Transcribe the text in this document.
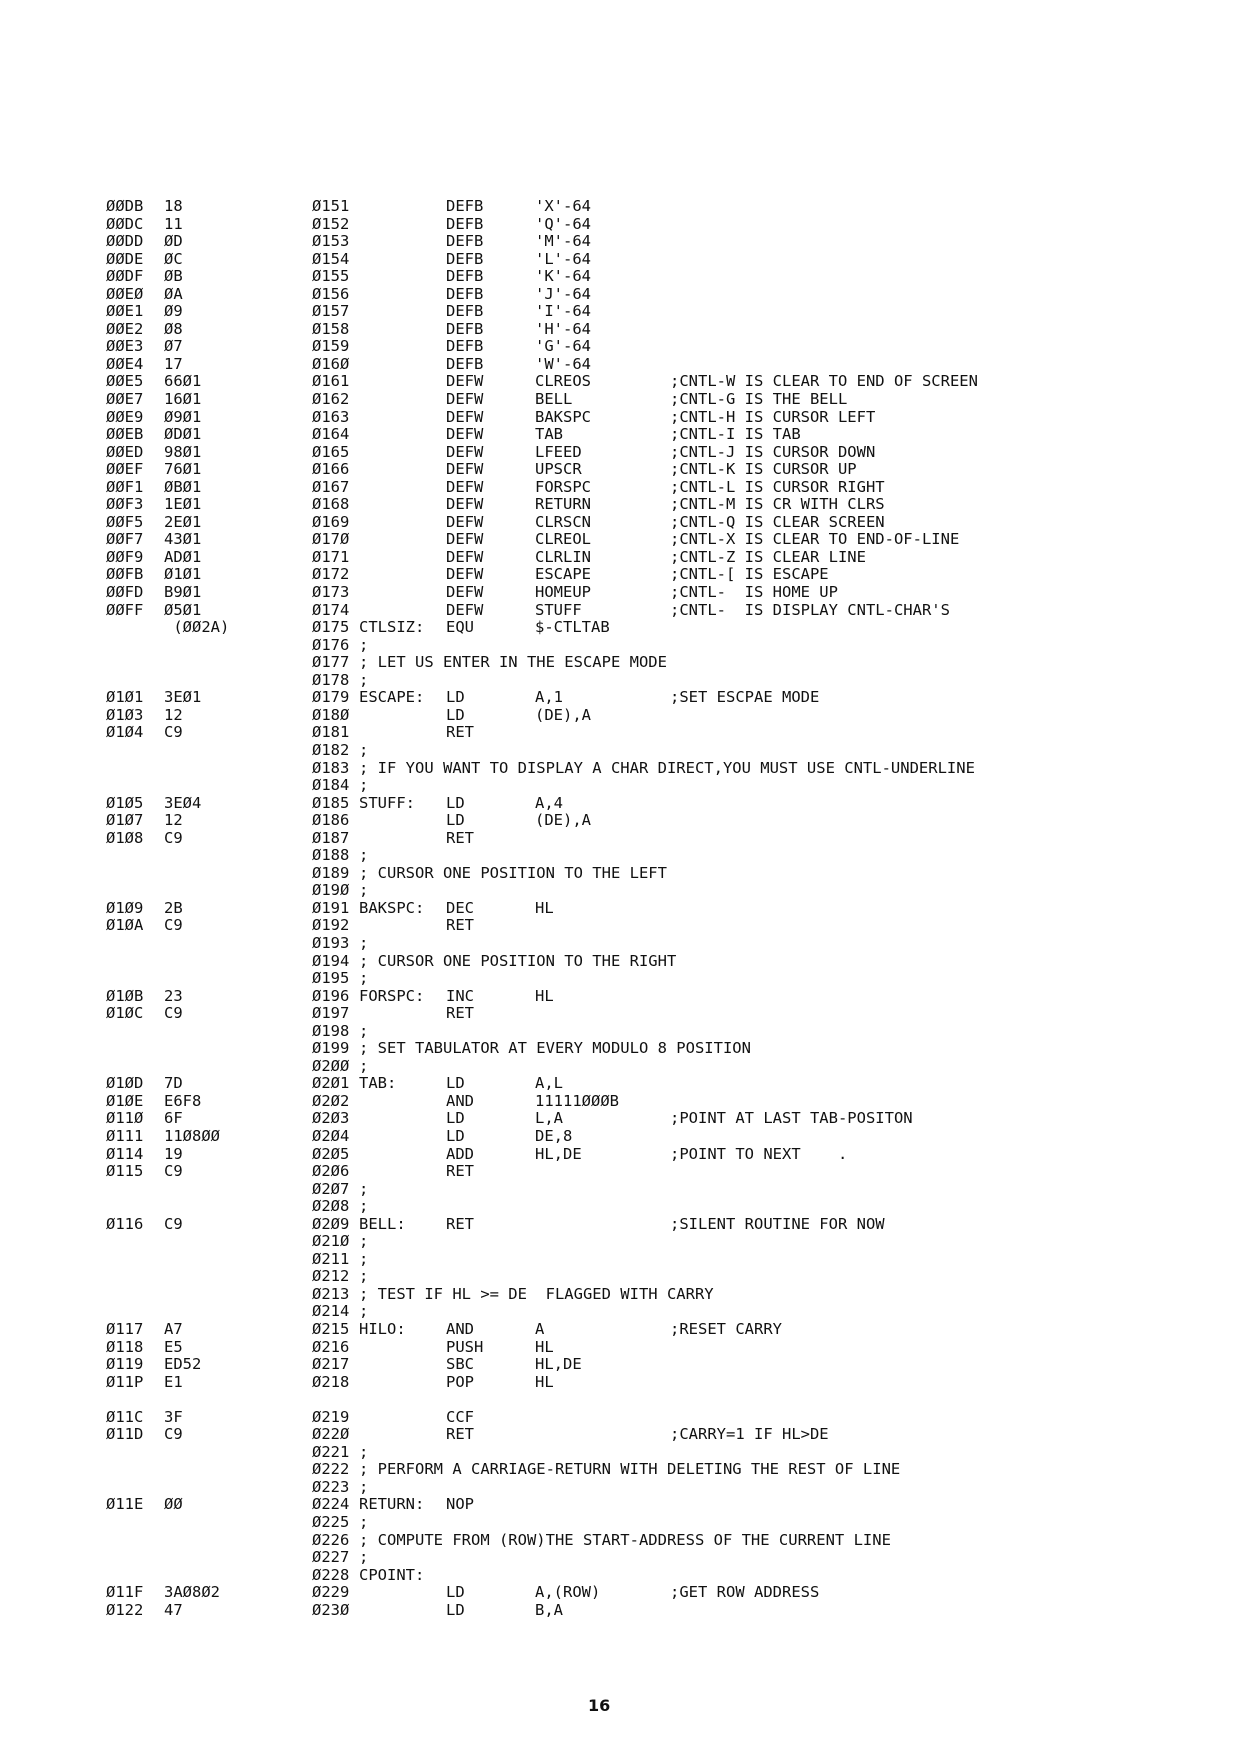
ØØDB 18	Ø151	DEFB	'X'-64
ØØDC 11	Ø152	DEFB	'Q'-64
ØØDD ØD	Ø153	DEFB	'M'-64
ØØDE ØC	Ø154	DEFB	'L'-64
ØØDF ØB	Ø155	DEFB	'K'-64
ØØEØ ØA	Ø156	DEFB	'J'-64
ØØE1 Ø9	Ø157	DEFB	'I'-64
ØØE2 Ø8	Ø158	DEFB	'H'-64
ØØE3 Ø7	Ø159	DEFB	'G'-64
ØØE4 17	Ø16Ø	DEFB	'W'-64
ØØE5 66Ø1	Ø161	DEFW	CLREOS	;CNTL-W IS CLEAR TO END OF SCREEN
ØØE7 16Ø1	Ø162	DEFW	BELL	;CNTL-G IS THE BELL
ØØE9 Ø9Ø1	Ø163	DEFW	BAKSPC	;CNTL-H IS CURSOR LEFT
ØØEB ØDØ1	Ø164	DEFW	TAB	;CNTL-I IS TAB
ØØED 98Ø1	Ø165	DEFW	LFEED	;CNTL-J IS CURSOR DOWN
ØØEF 76Ø1	Ø166	DEFW	UPSCR	;CNTL-K IS CURSOR UP
ØØF1 ØBØ1	Ø167	DEFW	FORSPC	;CNTL-L IS CURSOR RIGHT
ØØF3 1EØ1	Ø168	DEFW	RETURN	;CNTL-M IS CR WITH CLRS
ØØF5 2EØ1	Ø169	DEFW	CLRSCN	;CNTL-Q IS CLEAR SCREEN
ØØF7 43Ø1	Ø17Ø	DEFW	CLREOL	;CNTL-X IS CLEAR TO END-OF-LINE
ØØF9 ADØ1	Ø171	DEFW	CLRLIN	;CNTL-Z IS CLEAR LINE
ØØFB Ø1Ø1	Ø172	DEFW	ESCAPE	;CNTL-[ IS ESCAPE
ØØFD B9Ø1	Ø173	DEFW	HOMEUP	;CNTL-  IS HOME UP
ØØFF Ø5Ø1	Ø174	DEFW	STUFF	;CNTL-  IS DISPLAY CNTL-CHAR'S
(ØØ2A)	Ø175 CTLSIZ: EQU	$-CTLTAB
Ø176 ;
Ø177 ; LET US ENTER IN THE ESCAPE MODE
Ø178 ;
Ø1Ø1 3EØ1	Ø179 ESCAPE: LD	A,1	;SET ESCPAE MODE
Ø1Ø3 12	Ø18Ø	LD	(DE),A
Ø1Ø4 C9	Ø181	RET
Ø182 ;
Ø183 ; IF YOU WANT TO DISPLAY A CHAR DIRECT,YOU MUST USE CNTL-UNDERLINE
Ø184 ;
Ø1Ø5 3EØ4	Ø185 STUFF: LD	A,4
Ø1Ø7 12	Ø186	LD	(DE),A
Ø1Ø8 C9	Ø187	RET
Ø188 ;
Ø189 ; CURSOR ONE POSITION TO THE LEFT
Ø19Ø ;
Ø1Ø9 2B	Ø191 BAKSPC: DEC	HL
Ø1ØA C9	Ø192	RET
Ø193 ;
Ø194 ; CURSOR ONE POSITION TO THE RIGHT
Ø195 ;
Ø1ØB 23	Ø196 FORSPC: INC	HL
Ø1ØC C9	Ø197	RET
Ø198 ;
Ø199 ; SET TABULATOR AT EVERY MODULO 8 POSITION
Ø2ØØ ;
Ø1ØD 7D	Ø2Ø1 TAB:	LD	A,L
Ø1ØE E6F8	Ø2Ø2	AND	11111ØØØB
Ø11Ø 6F	Ø2Ø3	LD	L,A	;POINT AT LAST TAB-POSITON
Ø111 11Ø8ØØ	Ø2Ø4	LD	DE,8
Ø114 19	Ø2Ø5	ADD	HL,DE	;POINT TO NEXT    .
Ø115 C9	Ø2Ø6	RET
Ø2Ø7 ;
Ø2Ø8 ;
Ø116 C9	Ø2Ø9 BELL:	RET	;SILENT ROUTINE FOR NOW
Ø21Ø ;
Ø211 ;
Ø212 ;
Ø213 ; TEST IF HL >= DE  FLAGGED WITH CARRY
Ø214 ;
Ø117 A7	Ø215 HILO:	AND	A	;RESET CARRY
Ø118 E5	Ø216	PUSH	HL
Ø119 ED52	Ø217	SBC	HL,DE
Ø11P E1	Ø218	POP	HL
Ø11C 3F	Ø219	CCF
Ø11D C9	Ø22Ø	RET	;CARRY=1 IF HL>DE
Ø221 ;
Ø222 ; PERFORM A CARRIAGE-RETURN WITH DELETING THE REST OF LINE
Ø223 ;
Ø11E ØØ	Ø224 RETURN: NOP
Ø225 ;
Ø226 ; COMPUTE FROM (ROW)THE START-ADDRESS OF THE CURRENT LINE
Ø227 ;
Ø228 CPOINT:
Ø11F 3AØ8Ø2	Ø229	LD	A,(ROW)	;GET ROW ADDRESS
Ø122 47	Ø23Ø	LD	B,A
16
